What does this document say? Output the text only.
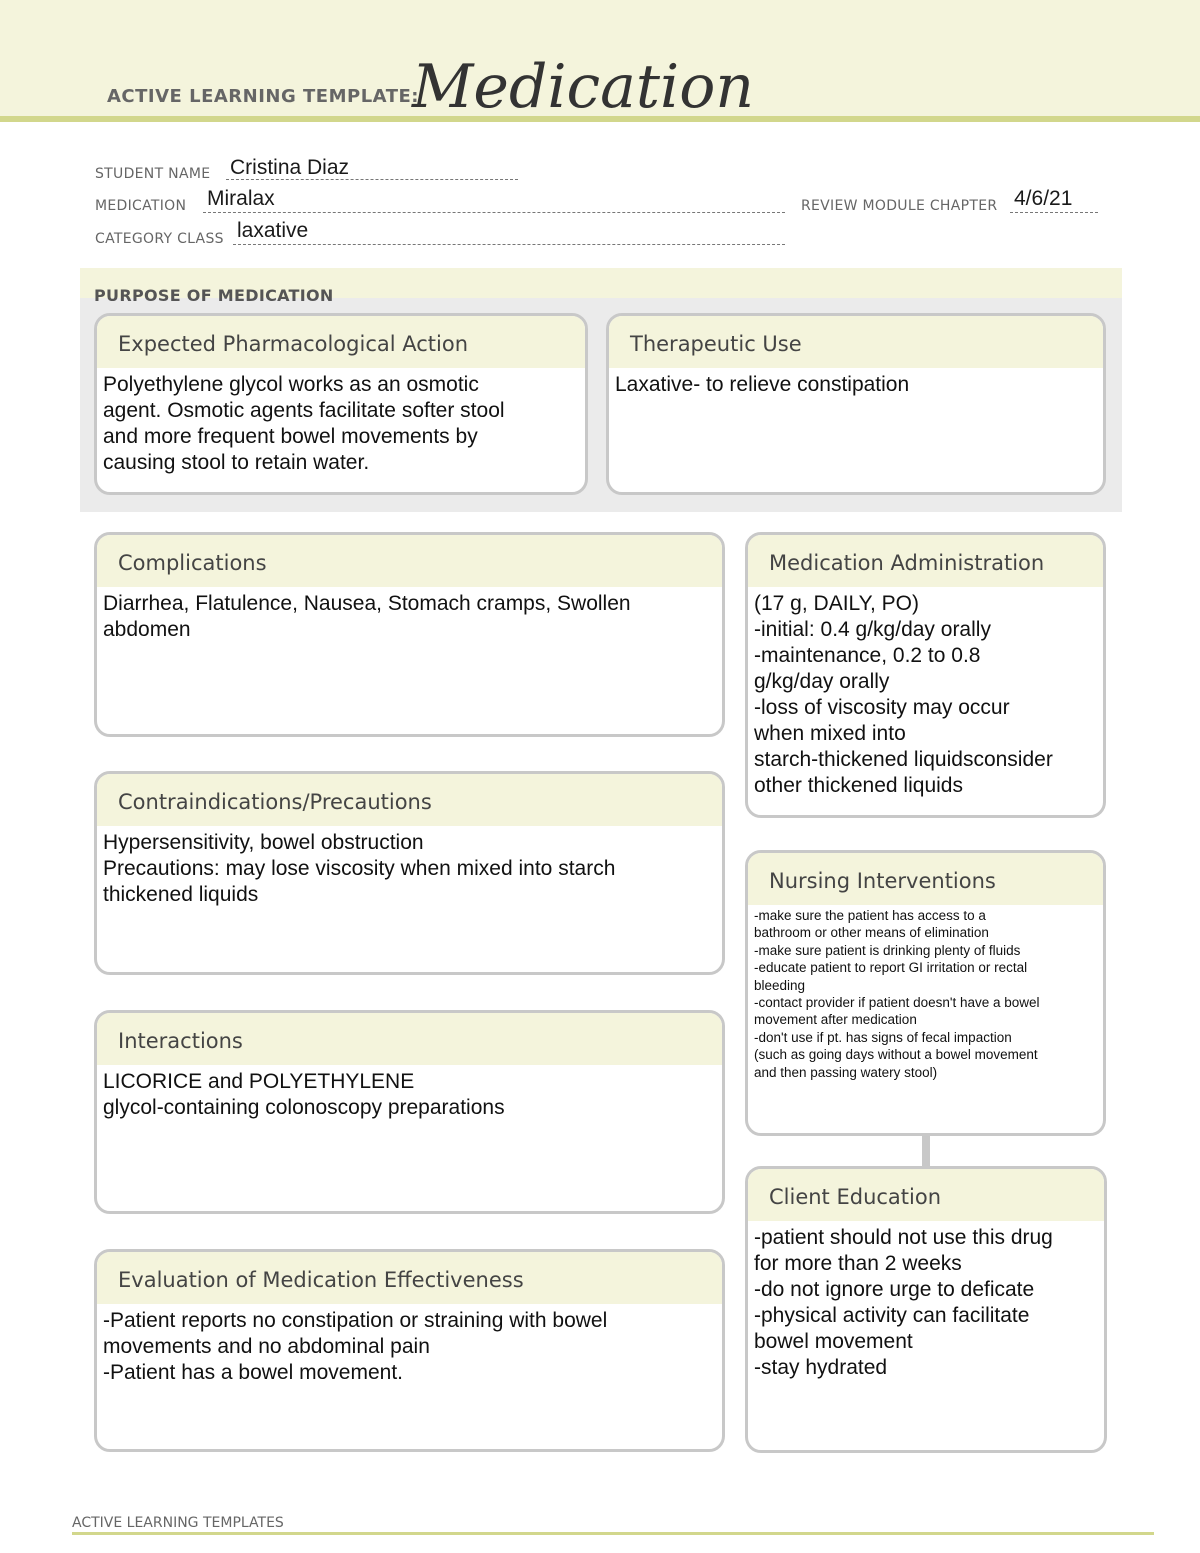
ACTIVE LEARNING TEMPLATE:
Medication
STUDENT NAME Cristina Diaz
MEDICATION Miralax	REVIEW MODULE CHAPTER 4/6/21
CATEGORY CLASS laxative
PURPOSE OF MEDICATION
Expected Pharmacological Action
Polyethylene glycol works as an osmotic
agent. Osmotic agents facilitate softer stool
and more frequent bowel movements by
causing stool to retain water.
Therapeutic Use
Laxative- to relieve constipation
Complications
Diarrhea, Flatulence, Nausea, Stomach cramps, Swollen
abdomen
Contraindications/Precautions
Hypersensitivity, bowel obstruction
Precautions: may lose viscosity when mixed into starch
thickened liquids
Interactions
LICORICE and POLYETHYLENE
glycol-containing colonoscopy preparations
Evaluation of Medication Effectiveness
-Patient reports no constipation or straining with bowel
movements and no abdominal pain
-Patient has a bowel movement.
Medication Administration
(17 g, DAILY, PO)
-initial: 0.4 g/kg/day orally
-maintenance, 0.2 to 0.8
g/kg/day orally
-loss of viscosity may occur
when mixed into
starch-thickened liquidsconsider
other thickened liquids
Nursing Interventions
-make sure the patient has access to a
bathroom or other means of elimination
-make sure patient is drinking plenty of fluids
-educate patient to report GI irritation or rectal
bleeding
-contact provider if patient doesn't have a bowel
movement after medication
-don't use if pt. has signs of fecal impaction
(such as going days without a bowel movement
and then passing watery stool)
Client Education
-patient should not use this drug
for more than 2 weeks
-do not ignore urge to deficate
-physical activity can facilitate
bowel movement
-stay hydrated
ACTIVE LEARNING TEMPLATES
